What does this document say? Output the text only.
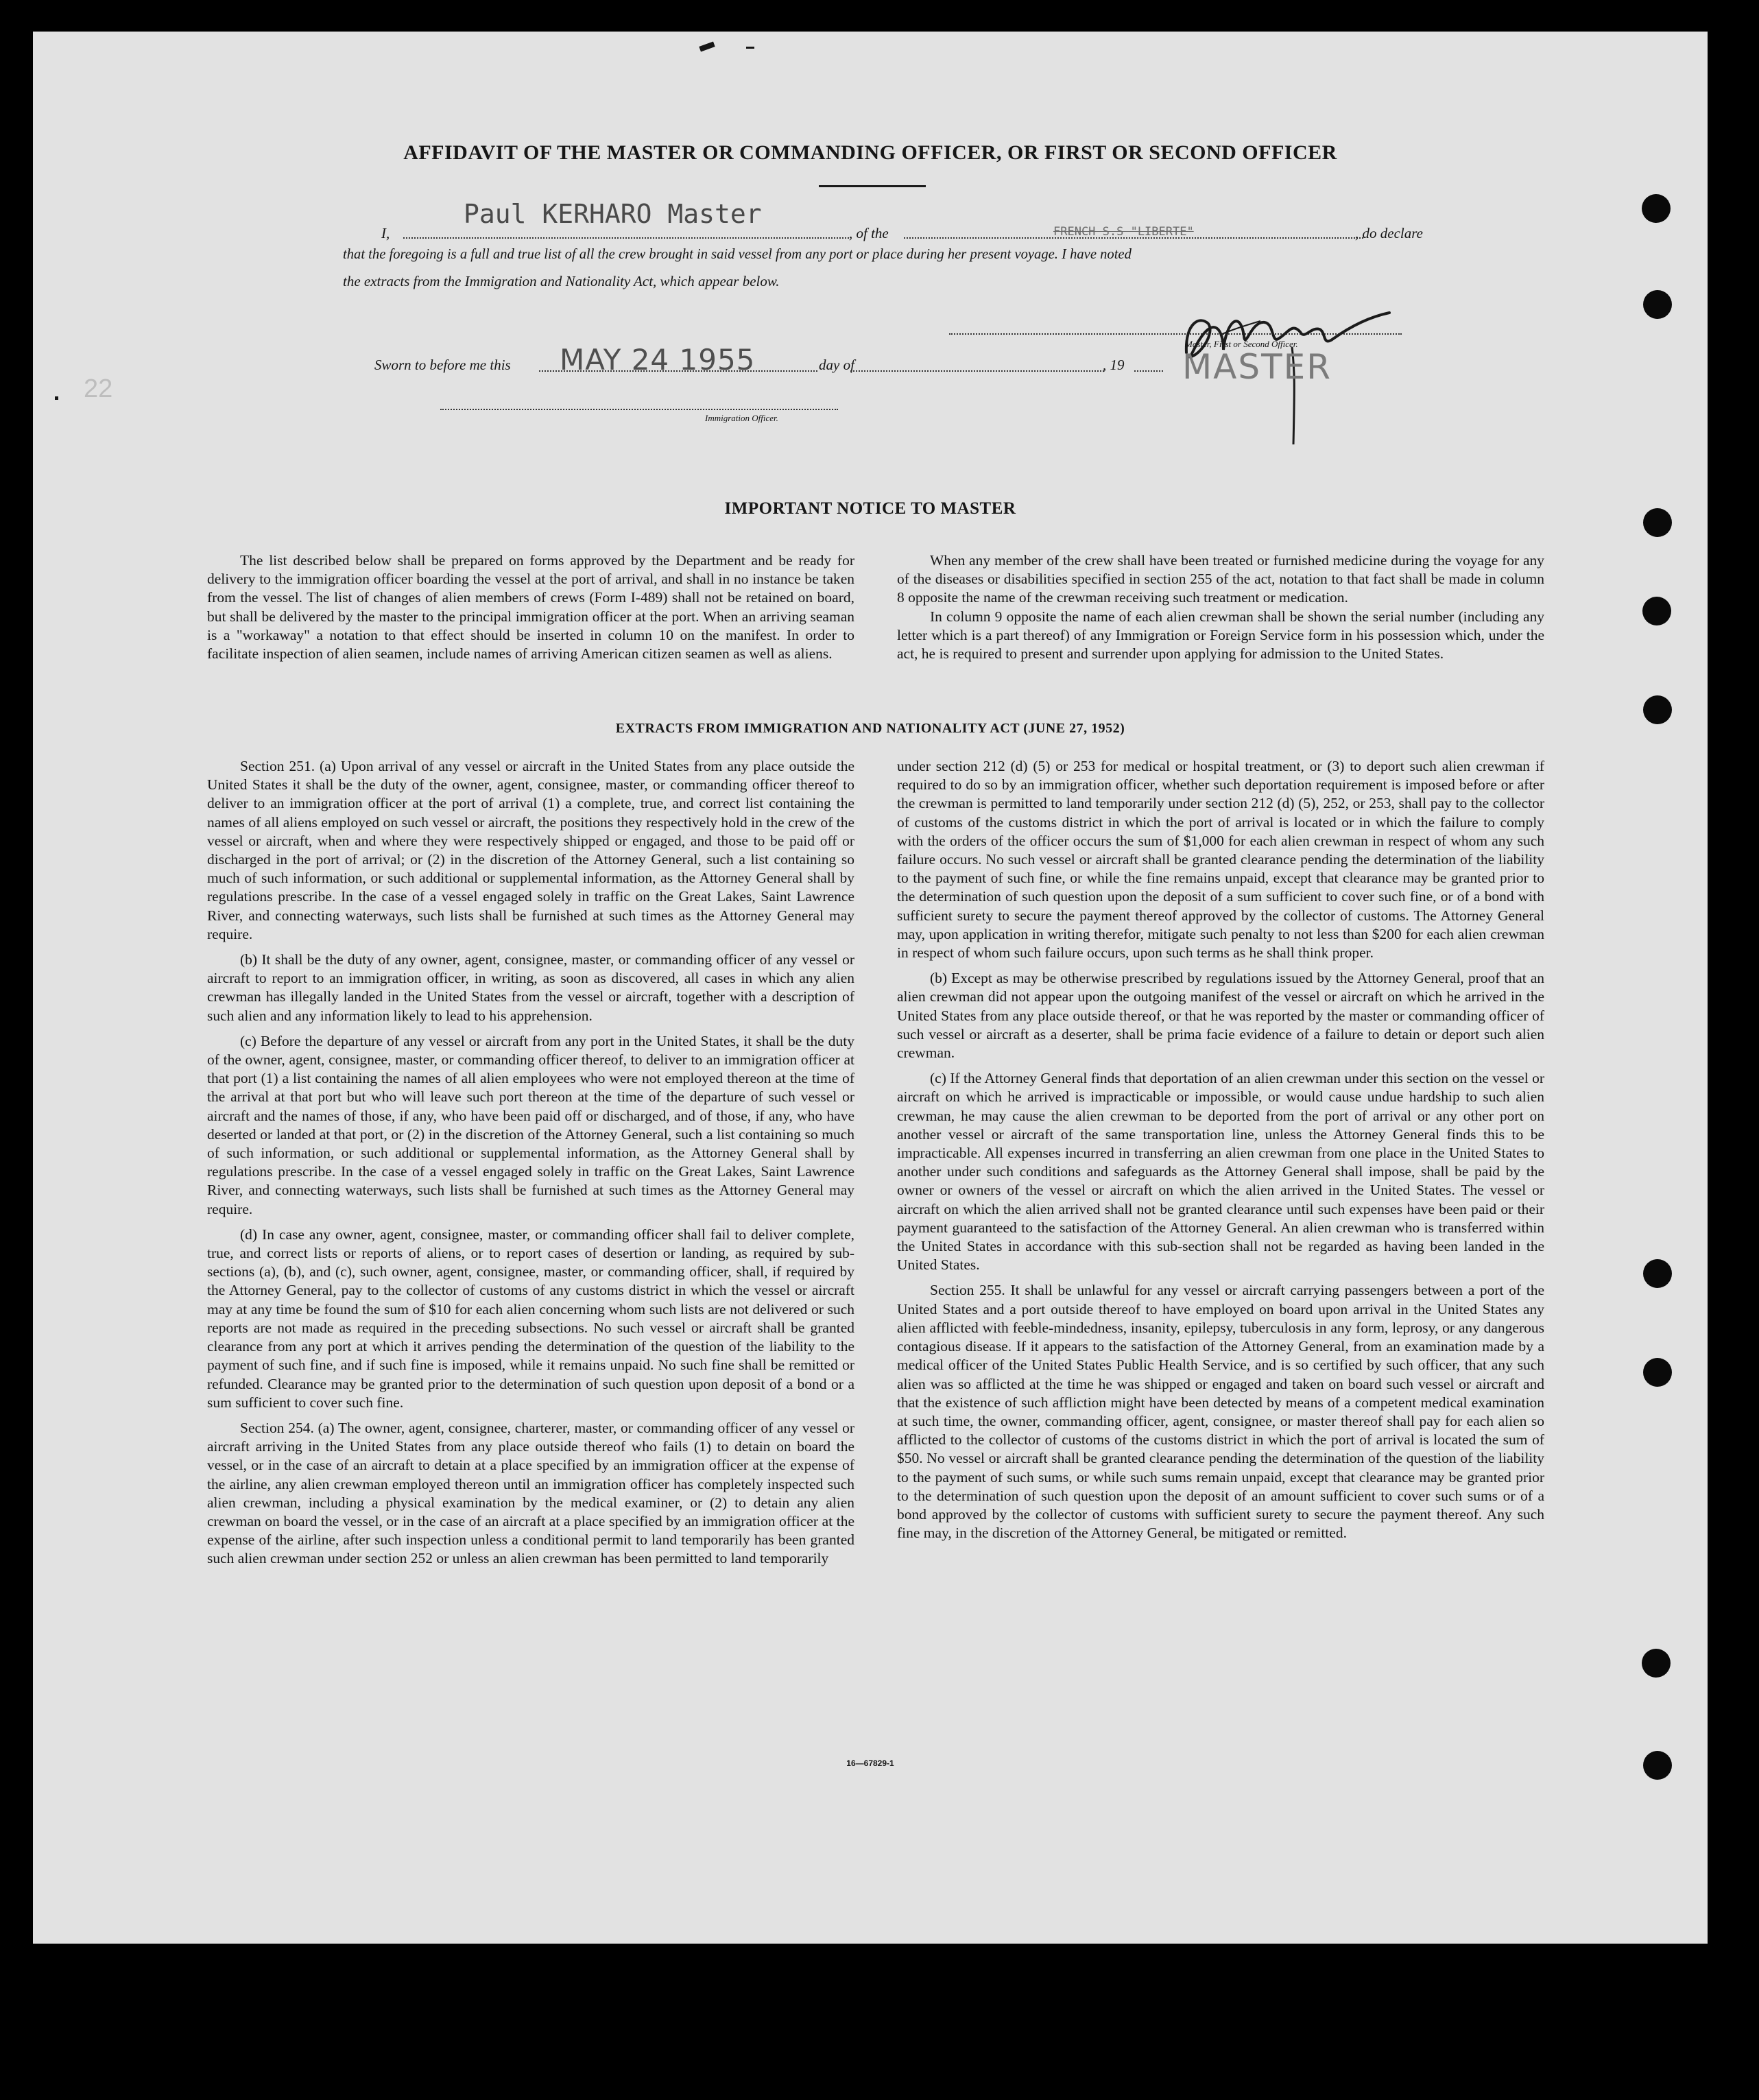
22
AFFIDAVIT OF THE MASTER OR COMMANDING OFFICER, OR FIRST OR SECOND OFFICER
I,
Paul KERHARO Master
, of the	FRENCH S.S "LIBERTE"	, do declare
that the foregoing is a full and true list of all the crew brought in said vessel from any port or place during her present voyage. I have noted
the extracts from the Immigration and Nationality Act, which appear below.
Master, First or Second Officer.
MASTER
Sworn to before me this MAY 24 1955	day of	, 19
Immigration Officer.
IMPORTANT NOTICE TO MASTER

The list described below shall be prepared on forms approved by the Department and be ready for delivery to the immigration officer boarding the vessel at the port of arrival, and shall in no instance be taken from the vessel. The list of changes of alien members of crews (Form I-489) shall not be retained on board, but shall be delivered by the master to the principal immigration officer at the port. When an arriving seaman is a "workaway" a notation to that effect should be inserted in column 10 on the manifest. In order to facilitate inspection of alien seamen, include names of arriving American citizen seamen as well as aliens.

When any member of the crew shall have been treated or furnished medicine during the voyage for any of the diseases or disabilities specified in section 255 of the act, notation to that fact shall be made in column 8 opposite the name of the crewman receiving such treatment or medication.

In column 9 opposite the name of each alien crewman shall be shown the serial number (including any letter which is a part thereof) of any Immigration or Foreign Service form in his possession which, under the act, he is required to present and surrender upon applying for admission to the United States.

EXTRACTS FROM IMMIGRATION AND NATIONALITY ACT (JUNE 27, 1952)

Section 251. (a) Upon arrival of any vessel or aircraft in the United States from any place outside the United States it shall be the duty of the owner, agent, consignee, master, or commanding officer thereof to deliver to an immigration officer at the port of arrival (1) a complete, true, and correct list containing the names of all aliens employed on such vessel or aircraft, the positions they respectively hold in the crew of the vessel or aircraft, when and where they were respectively shipped or engaged, and those to be paid off or discharged in the port of arrival; or (2) in the discretion of the Attorney General, such a list containing so much of such information, or such additional or supplemental information, as the Attorney General shall by regulations prescribe. In the case of a vessel engaged solely in traffic on the Great Lakes, Saint Lawrence River, and connecting waterways, such lists shall be furnished at such times as the Attorney General may require.

(b) It shall be the duty of any owner, agent, consignee, master, or commanding officer of any vessel or aircraft to report to an immigration officer, in writing, as soon as discovered, all cases in which any alien crewman has illegally landed in the United States from the vessel or aircraft, together with a description of such alien and any information likely to lead to his apprehension.

(c) Before the departure of any vessel or aircraft from any port in the United States, it shall be the duty of the owner, agent, consignee, master, or commanding officer thereof, to deliver to an immigration officer at that port (1) a list containing the names of all alien employees who were not employed thereon at the time of the arrival at that port but who will leave such port thereon at the time of the departure of such vessel or aircraft and the names of those, if any, who have been paid off or discharged, and of those, if any, who have deserted or landed at that port, or (2) in the discretion of the Attorney General, such a list containing so much of such information, or such additional or supplemental information, as the Attorney General shall by regulations prescribe. In the case of a vessel engaged solely in traffic on the Great Lakes, Saint Lawrence River, and connecting waterways, such lists shall be furnished at such times as the Attorney General may require.

(d) In case any owner, agent, consignee, master, or commanding officer shall fail to deliver complete, true, and correct lists or reports of aliens, or to report cases of desertion or landing, as required by sub-sections (a), (b), and (c), such owner, agent, consignee, master, or commanding officer, shall, if required by the Attorney General, pay to the collector of customs of any customs district in which the vessel or aircraft may at any time be found the sum of $10 for each alien concerning whom such lists are not delivered or such reports are not made as required in the preceding subsections. No such vessel or aircraft shall be granted clearance from any port at which it arrives pending the determination of the question of the liability to the payment of such fine, and if such fine is imposed, while it remains unpaid. No such fine shall be remitted or refunded. Clearance may be granted prior to the determination of such question upon deposit of a bond or a sum sufficient to cover such fine.

Section 254. (a) The owner, agent, consignee, charterer, master, or commanding officer of any vessel or aircraft arriving in the United States from any place outside thereof who fails (1) to detain on board the vessel, or in the case of an aircraft to detain at a place specified by an immigration officer at the expense of the airline, any alien crewman employed thereon until an immigration officer has completely inspected such alien crewman, including a physical examination by the medical examiner, or (2) to detain any alien crewman on board the vessel, or in the case of an aircraft at a place specified by an immigration officer at the expense of the airline, after such inspection unless a conditional permit to land temporarily has been granted such alien crewman under section 252 or unless an alien crewman has been permitted to land temporarily

under section 212 (d) (5) or 253 for medical or hospital treatment, or (3) to deport such alien crewman if required to do so by an immigration officer, whether such deportation requirement is imposed before or after the crewman is permitted to land temporarily under section 212 (d) (5), 252, or 253, shall pay to the collector of customs of the customs district in which the port of arrival is located or in which the failure to comply with the orders of the officer occurs the sum of $1,000 for each alien crewman in respect of whom any such failure occurs. No such vessel or aircraft shall be granted clearance pending the determination of the liability to the payment of such fine, or while the fine remains unpaid, except that clearance may be granted prior to the determination of such question upon the deposit of a sum sufficient to cover such fine, or of a bond with sufficient surety to secure the payment thereof approved by the collector of customs. The Attorney General may, upon application in writing therefor, mitigate such penalty to not less than $200 for each alien crewman in respect of whom such failure occurs, upon such terms as he shall think proper.

(b) Except as may be otherwise prescribed by regulations issued by the Attorney General, proof that an alien crewman did not appear upon the outgoing manifest of the vessel or aircraft on which he arrived in the United States from any place outside thereof, or that he was reported by the master or commanding officer of such vessel or aircraft as a deserter, shall be prima facie evidence of a failure to detain or deport such alien crewman.

(c) If the Attorney General finds that deportation of an alien crewman under this section on the vessel or aircraft on which he arrived is impracticable or impossible, or would cause undue hardship to such alien crewman, he may cause the alien crewman to be deported from the port of arrival or any other port on another vessel or aircraft of the same transportation line, unless the Attorney General finds this to be impracticable. All expenses incurred in transferring an alien crewman from one place in the United States to another under such conditions and safeguards as the Attorney General shall impose, shall be paid by the owner or owners of the vessel or aircraft on which the alien arrived in the United States. The vessel or aircraft on which the alien arrived shall not be granted clearance until such expenses have been paid or their payment guaranteed to the satisfaction of the Attorney General. An alien crewman who is transferred within the United States in accordance with this sub-section shall not be regarded as having been landed in the United States.

Section 255. It shall be unlawful for any vessel or aircraft carrying passengers between a port of the United States and a port outside thereof to have employed on board upon arrival in the United States any alien afflicted with feeble-mindedness, insanity, epilepsy, tuberculosis in any form, leprosy, or any dangerous contagious disease. If it appears to the satisfaction of the Attorney General, from an examination made by a medical officer of the United States Public Health Service, and is so certified by such officer, that any such alien was so afflicted at the time he was shipped or engaged and taken on board such vessel or aircraft and that the existence of such affliction might have been detected by means of a competent medical examination at such time, the owner, commanding officer, agent, consignee, or master thereof shall pay for each alien so afflicted to the collector of customs of the customs district in which the port of arrival is located the sum of $50. No vessel or aircraft shall be granted clearance pending the determination of the question of the liability to the payment of such sums, or while such sums remain unpaid, except that clearance may be granted prior to the determination of such question upon the deposit of an amount sufficient to cover such sums or of a bond approved by the collector of customs with sufficient surety to secure the payment thereof. Any such fine may, in the discretion of the Attorney General, be mitigated or remitted.

16—67829-1
